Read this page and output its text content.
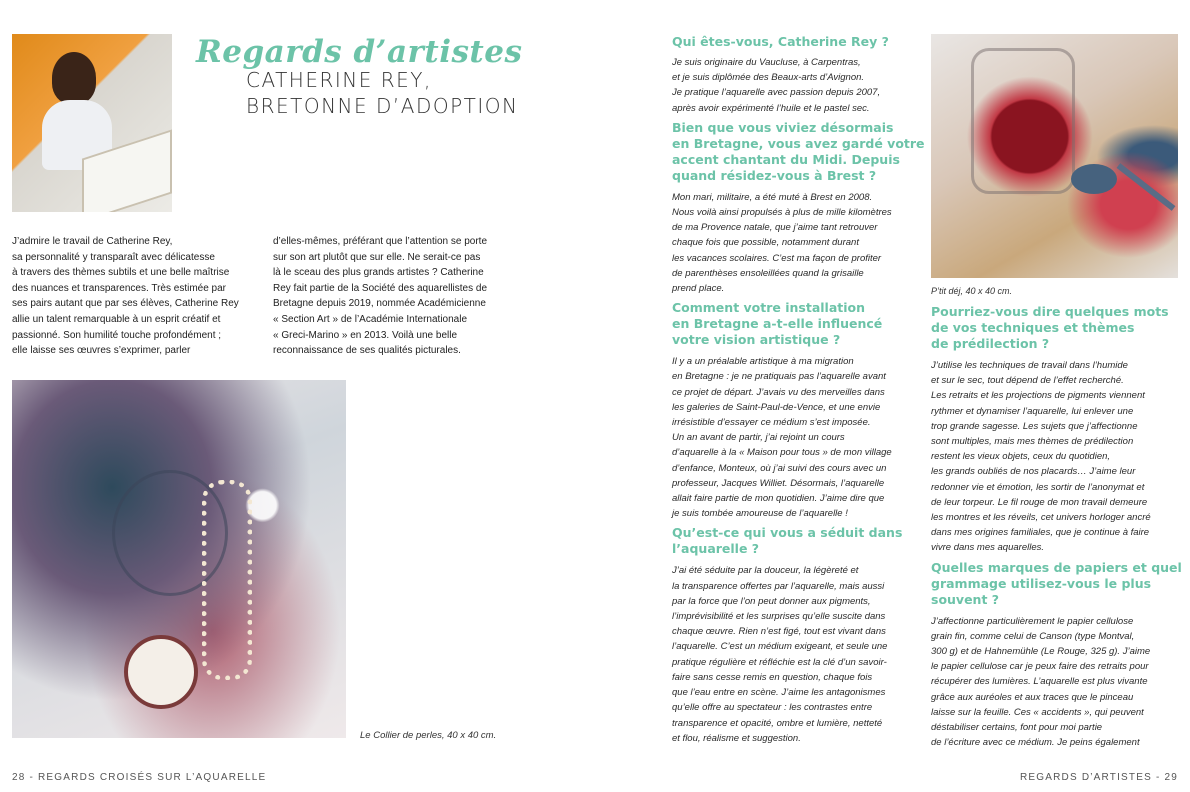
Regards d’artistes
CATHERINE REY,
BRETONNE D’ADOPTION
J’admire le travail de Catherine Rey,
sa personnalité y transparaît avec délicatesse
à travers des thèmes subtils et une belle maîtrise
des nuances et transparences. Très estimée par
ses pairs autant que par ses élèves, Catherine Rey
allie un talent remarquable à un esprit créatif et
passionné. Son humilité touche profondément ;
elle laisse ses œuvres s’exprimer, parler
d’elles-mêmes, préférant que l’attention se porte
sur son art plutôt que sur elle. Ne serait-ce pas
là le sceau des plus grands artistes ? Catherine
Rey fait partie de la Société des aquarellistes de
Bretagne depuis 2019, nommée Académicienne
« Section Art » de l’Académie Internationale
« Greci-Marino » en 2013. Voilà une belle
reconnaissance de ses qualités picturales.
Le Collier de perles, 40 x 40 cm.
28 - REGARDS CROISÉS SUR L’AQUARELLE
Qui êtes-vous, Catherine Rey ?
Je suis originaire du Vaucluse, à Carpentras,
et je suis diplômée des Beaux-arts d’Avignon.
Je pratique l’aquarelle avec passion depuis 2007,
après avoir expérimenté l’huile et le pastel sec.
Bien que vous viviez désormais
en Bretagne, vous avez gardé votre
accent chantant du Midi. Depuis
quand résidez-vous à Brest ?
Mon mari, militaire, a été muté à Brest en 2008.
Nous voilà ainsi propulsés à plus de mille kilomètres
de ma Provence natale, que j’aime tant retrouver
chaque fois que possible, notamment durant
les vacances scolaires. C’est ma façon de profiter
de parenthèses ensoleillées quand la grisaille
prend place.
Comment votre installation
en Bretagne a-t-elle influencé
votre vision artistique ?
Il y a un préalable artistique à ma migration
en Bretagne : je ne pratiquais pas l’aquarelle avant
ce projet de départ. J’avais vu des merveilles dans
les galeries de Saint-Paul-de-Vence, et une envie
irrésistible d’essayer ce médium s’est imposée.
Un an avant de partir, j’ai rejoint un cours
d’aquarelle à la « Maison pour tous » de mon village
d’enfance, Monteux, où j’ai suivi des cours avec un
professeur, Jacques Williet. Désormais, l’aquarelle
allait faire partie de mon quotidien. J’aime dire que
je suis tombée amoureuse de l’aquarelle !
Qu’est-ce qui vous a séduit dans
l’aquarelle ?
J’ai été séduite par la douceur, la légèreté et
la transparence offertes par l’aquarelle, mais aussi
par la force que l’on peut donner aux pigments,
l’imprévisibilité et les surprises qu’elle suscite dans
chaque œuvre. Rien n’est figé, tout est vivant dans
l’aquarelle. C’est un médium exigeant, et seule une
pratique régulière et réfléchie est la clé d’un savoir-
faire sans cesse remis en question, chaque fois
que l’eau entre en scène. J’aime les antagonismes
qu’elle offre au spectateur : les contrastes entre
transparence et opacité, ombre et lumière, netteté
et flou, réalisme et suggestion.
P’tit déj, 40 x 40 cm.
Pourriez-vous dire quelques mots
de vos techniques et thèmes
de prédilection ?
J’utilise les techniques de travail dans l’humide
et sur le sec, tout dépend de l’effet recherché.
Les retraits et les projections de pigments viennent
rythmer et dynamiser l’aquarelle, lui enlever une
trop grande sagesse. Les sujets que j’affectionne
sont multiples, mais mes thèmes de prédilection
restent les vieux objets, ceux du quotidien,
les grands oubliés de nos placards… J’aime leur
redonner vie et émotion, les sortir de l’anonymat et
de leur torpeur. Le fil rouge de mon travail demeure
les montres et les réveils, cet univers horloger ancré
dans mes origines familiales, que je continue à faire
vivre dans mes aquarelles.
Quelles marques de papiers et quel
grammage utilisez-vous le plus
souvent ?
J’affectionne particulièrement le papier cellulose
grain fin, comme celui de Canson (type Montval,
300 g) et de Hahnemühle (Le Rouge, 325 g). J’aime
le papier cellulose car je peux faire des retraits pour
récupérer des lumières. L’aquarelle est plus vivante
grâce aux auréoles et aux traces que le pinceau
laisse sur la feuille. Ces « accidents », qui peuvent
déstabiliser certains, font pour moi partie
de l’écriture avec ce médium. Je peins également
REGARDS D’ARTISTES - 29
